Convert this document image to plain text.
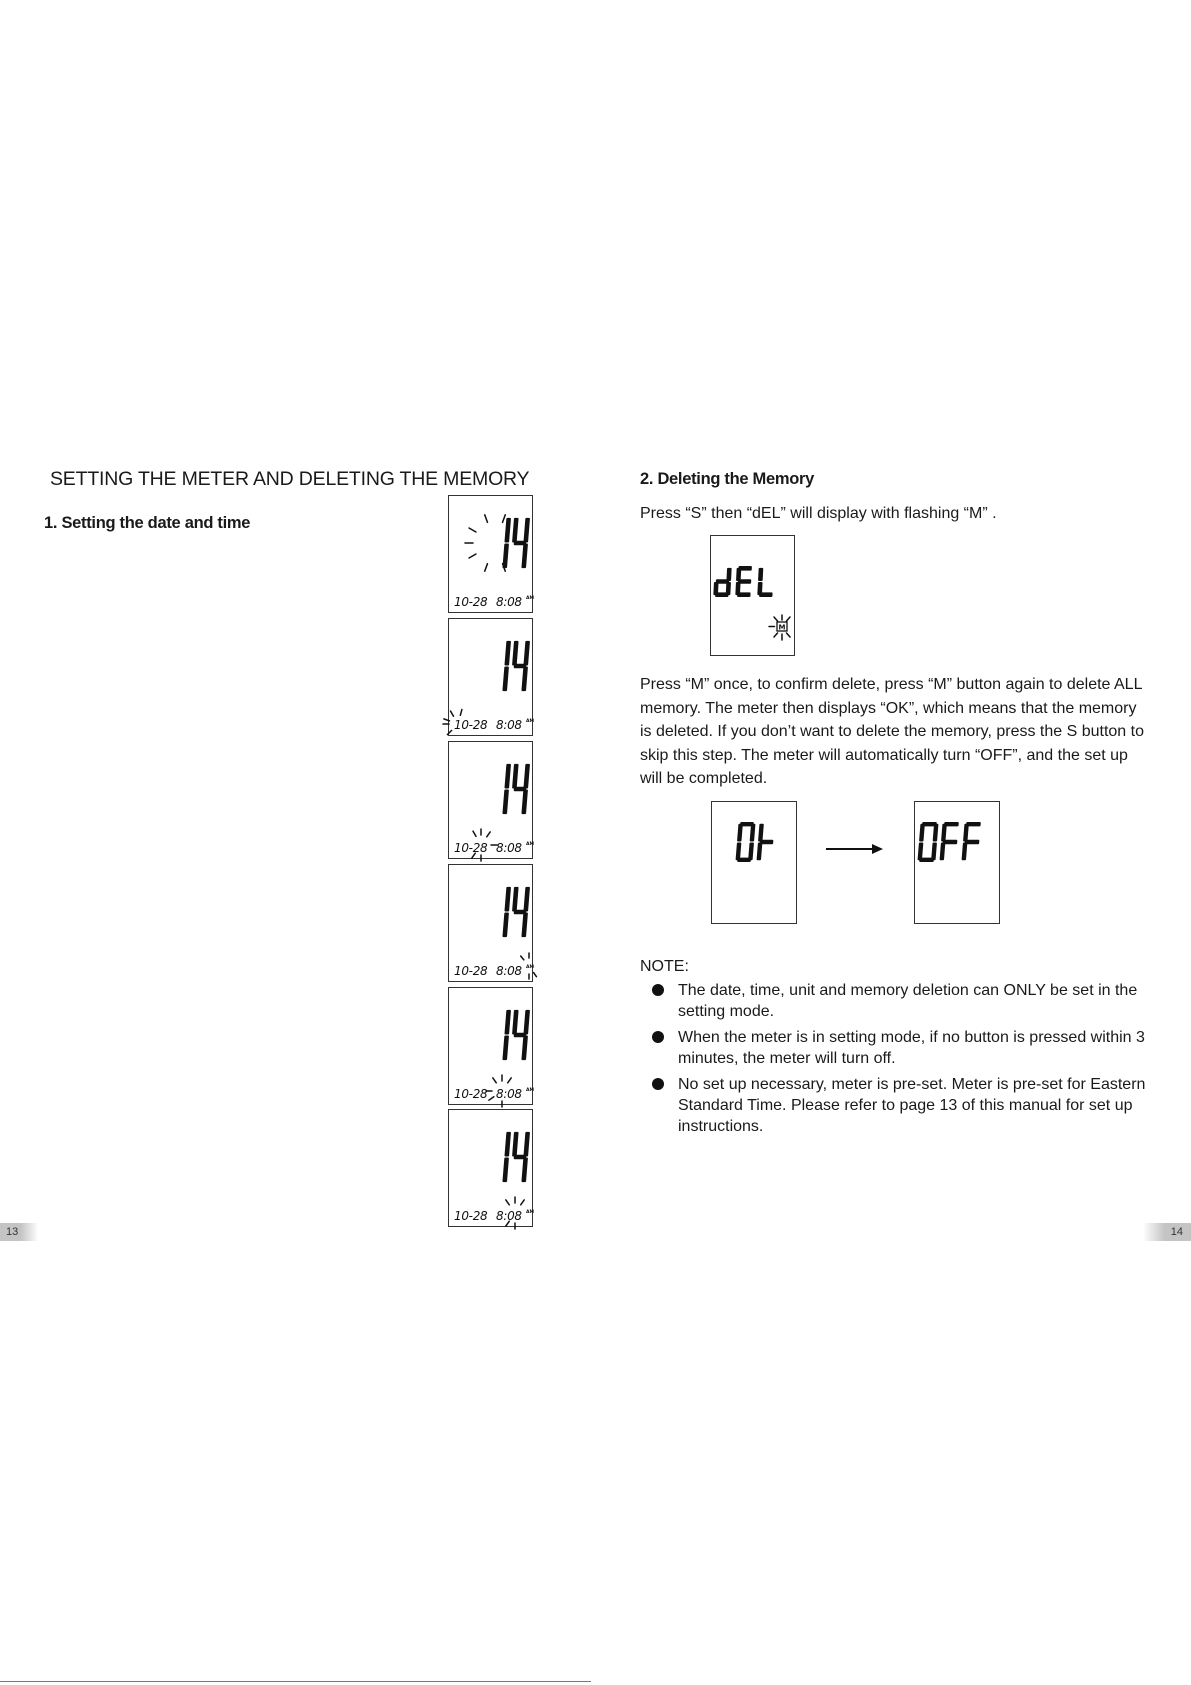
SETTING THE METER AND DELETING THE MEMORY
1. Setting the date and time
10-28 8:08 AM
10-28 8:08 AM
10-28 8:08 AM
10-28 8:08 AM
10-28 8:08 AM
10-28 8:08 AM
13
2. Deleting the Memory
Press “S” then “dEL” will display with flashing “M” .
M
Press “M” once, to confirm delete, press “M” button again to delete ALL memory. The meter then displays “OK”, which means that the memory is deleted. If you don’t want to delete the memory, press the S button to skip this step. The meter will automatically turn “OFF”, and the set up will be completed.
NOTE:
The date, time, unit and memory deletion can ONLY be set in the setting mode.
When the meter is in setting mode, if no button is pressed within 3 minutes, the meter will turn off.
No set up necessary, meter is pre-set. Meter is pre-set for Eastern Standard Time. Please refer to page 13 of this manual for set up instructions.
14
